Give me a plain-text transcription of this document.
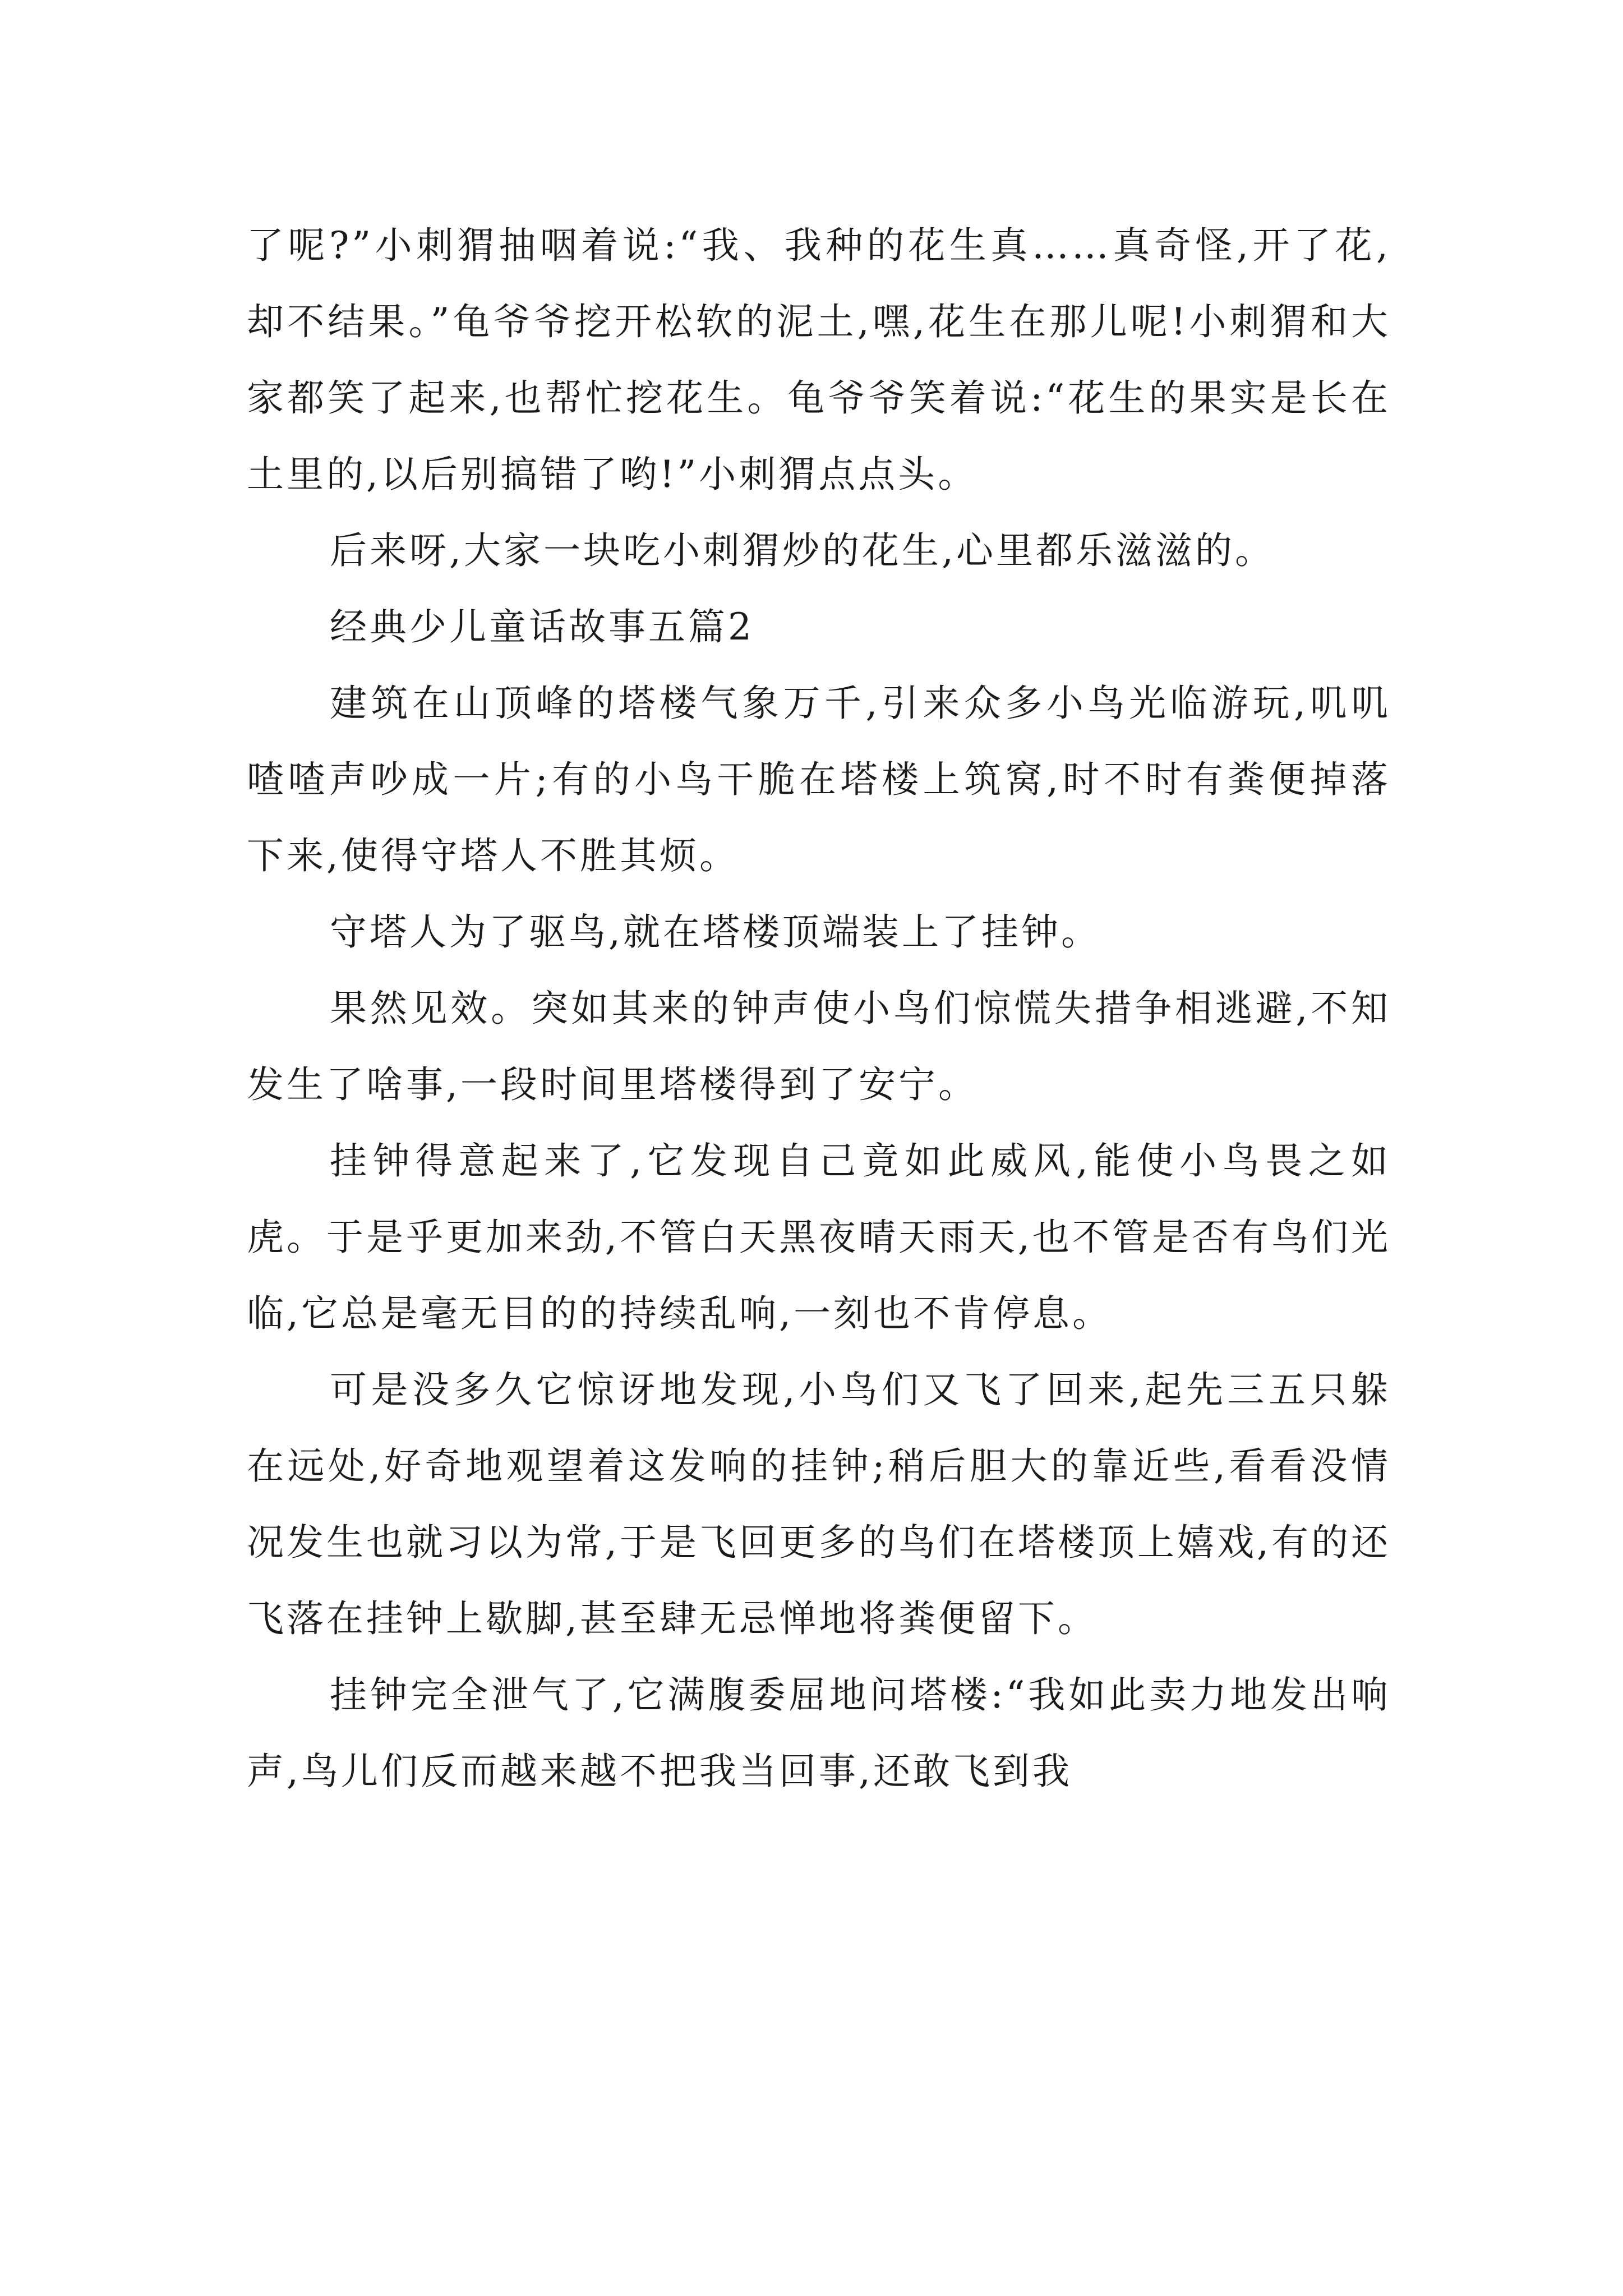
了呢?”小刺猬抽咽着说:“我、我种的花生真……真奇怪,开了花,却不结果。”龟爷爷挖开松软的泥土,嘿,花生在那儿呢!小刺猬和大家都笑了起来,也帮忙挖花生。龟爷爷笑着说:“花生的果实是长在土里的,以后别搞错了哟!”小刺猬点点头。

后来呀,大家一块吃小刺猬炒的花生,心里都乐滋滋的。

经典少儿童话故事五篇2

建筑在山顶峰的塔楼气象万千,引来众多小鸟光临游玩,叽叽喳喳声吵成一片;有的小鸟干脆在塔楼上筑窝,时不时有粪便掉落下来,使得守塔人不胜其烦。

守塔人为了驱鸟,就在塔楼顶端装上了挂钟。

果然见效。突如其来的钟声使小鸟们惊慌失措争相逃避,不知发生了啥事,一段时间里塔楼得到了安宁。

挂钟得意起来了,它发现自己竟如此威风,能使小鸟畏之如虎。于是乎更加来劲,不管白天黑夜晴天雨天,也不管是否有鸟们光临,它总是毫无目的的持续乱响,一刻也不肯停息。

可是没多久它惊讶地发现,小鸟们又飞了回来,起先三五只躲在远处,好奇地观望着这发响的挂钟;稍后胆大的靠近些,看看没情况发生也就习以为常,于是飞回更多的鸟们在塔楼顶上嬉戏,有的还飞落在挂钟上歇脚,甚至肆无忌惮地将粪便留下。

挂钟完全泄气了,它满腹委屈地问塔楼:“我如此卖力地发出响声,鸟儿们反而越来越不把我当回事,还敢飞到我
